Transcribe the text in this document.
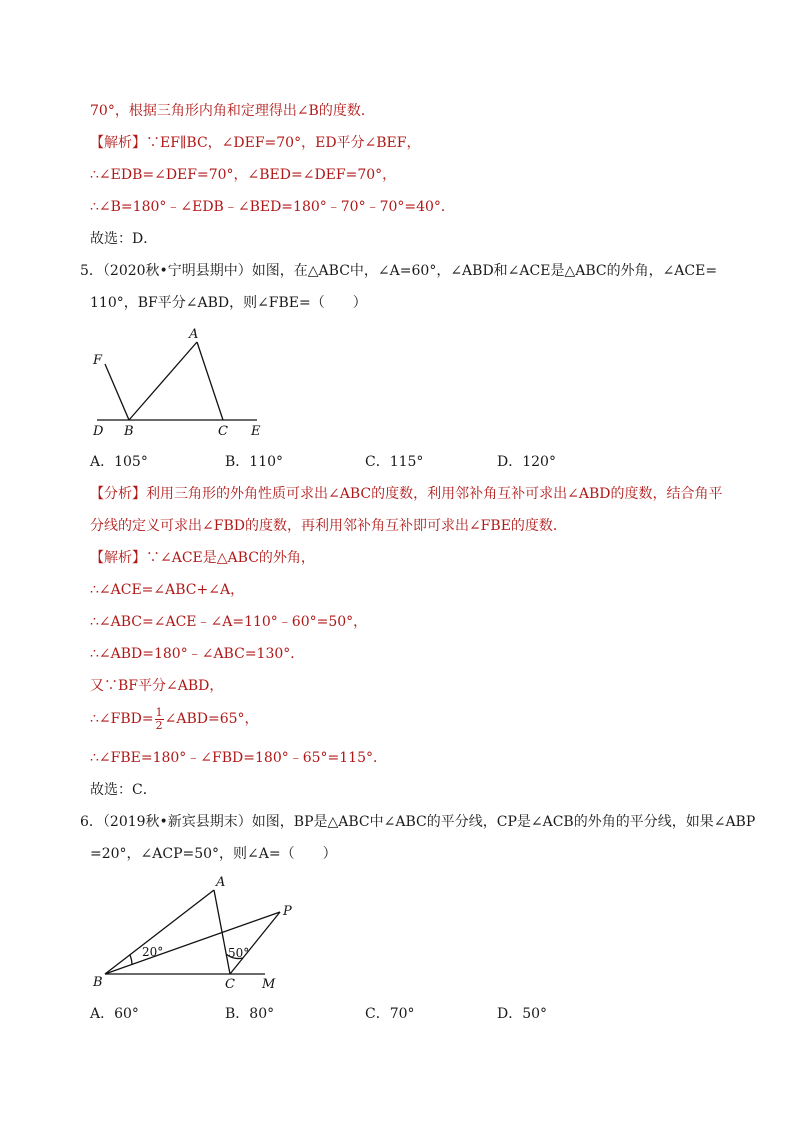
70°，根据三角形内角和定理得出∠B的度数．
【解析】∵EF∥BC，∠DEF=70°，ED平分∠BEF，
∴∠EDB=∠DEF=70°，∠BED=∠DEF=70°，
∴∠B=180°﹣∠EDB﹣∠BED=180°﹣70°﹣70°=40°．
故选：D．
5．（2020秋•宁明县期中）如图，在△ABC中，∠A=60°，∠ABD和∠ACE是△ABC的外角，∠ACE=
110°，BF平分∠ABD，则∠FBE=（　　）
F
A
D B	C E
A．105°	B．110°	C．115°	D．120°
【分析】利用三角形的外角性质可求出∠ABC的度数，利用邻补角互补可求出∠ABD的度数，结合角平
分线的定义可求出∠FBD的度数，再利用邻补角互补即可求出∠FBE的度数．
【解析】∵∠ACE是△ABC的外角，
∴∠ACE=∠ABC+∠A，
∴∠ABC=∠ACE﹣∠A=110°﹣60°=50°，
∴∠ABD=180°﹣∠ABC=130°．
又∵BF平分∠ABD，
∴∠FBD= $\frac{1}{2}$ ∠ABD=65°，
∴∠FBE=180°﹣∠FBD=180°﹣65°=115°．
故选：C．
6．（2019秋•新宾县期末）如图，BP是△ABC中∠ABC的平分线，CP是∠ACB的外角的平分线，如果∠ABP
=20°，∠ACP=50°，则∠A=（　　）
A
P
B	C M
20°	50°
A．60°	B．80°	C．70°	D．50°
